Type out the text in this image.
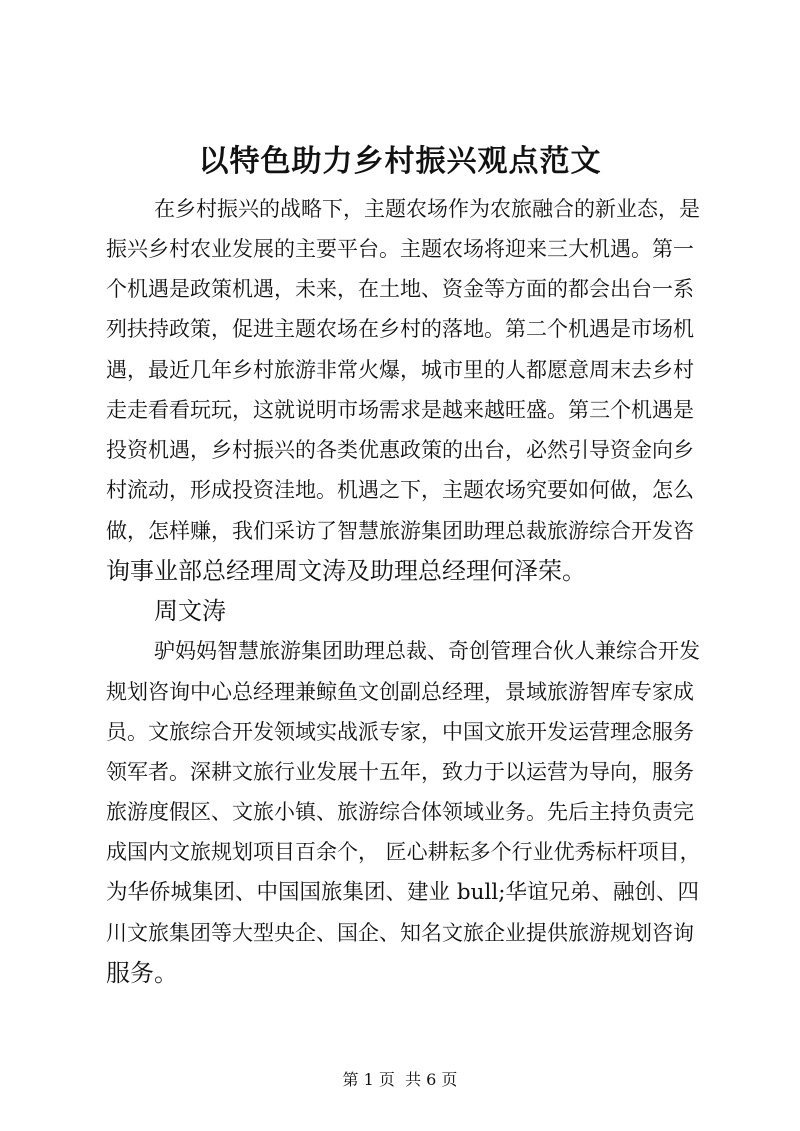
以特色助力乡村振兴观点范文
在乡村振兴的战略下，主题农场作为农旅融合的新业态，是
振兴乡村农业发展的主要平台。主题农场将迎来三大机遇。第一
个机遇是政策机遇，未来，在土地、资金等方面的都会出台一系
列扶持政策，促进主题农场在乡村的落地。第二个机遇是市场机
遇，最近几年乡村旅游非常火爆，城市里的人都愿意周末去乡村
走走看看玩玩，这就说明市场需求是越来越旺盛。第三个机遇是
投资机遇，乡村振兴的各类优惠政策的出台，必然引导资金向乡
村流动，形成投资洼地。机遇之下，主题农场究要如何做，怎么
做，怎样赚，我们采访了智慧旅游集团助理总裁旅游综合开发咨
询事业部总经理周文涛及助理总经理何泽荣。
周文涛
驴妈妈智慧旅游集团助理总裁、奇创管理合伙人兼综合开发
规划咨询中心总经理兼鲸鱼文创副总经理，景域旅游智库专家成
员。文旅综合开发领域实战派专家，中国文旅开发运营理念服务
领军者。深耕文旅行业发展十五年，致力于以运营为导向，服务
旅游度假区、文旅小镇、旅游综合体领域业务。先后主持负责完
成国内文旅规划项目百余个， 匠心耕耘多个行业优秀标杆项目，
为华侨城集团、中国国旅集团、建业 bull;华谊兄弟、融创、四
川文旅集团等大型央企、国企、知名文旅企业提供旅游规划咨询
服务。
第 1 页  共 6 页
